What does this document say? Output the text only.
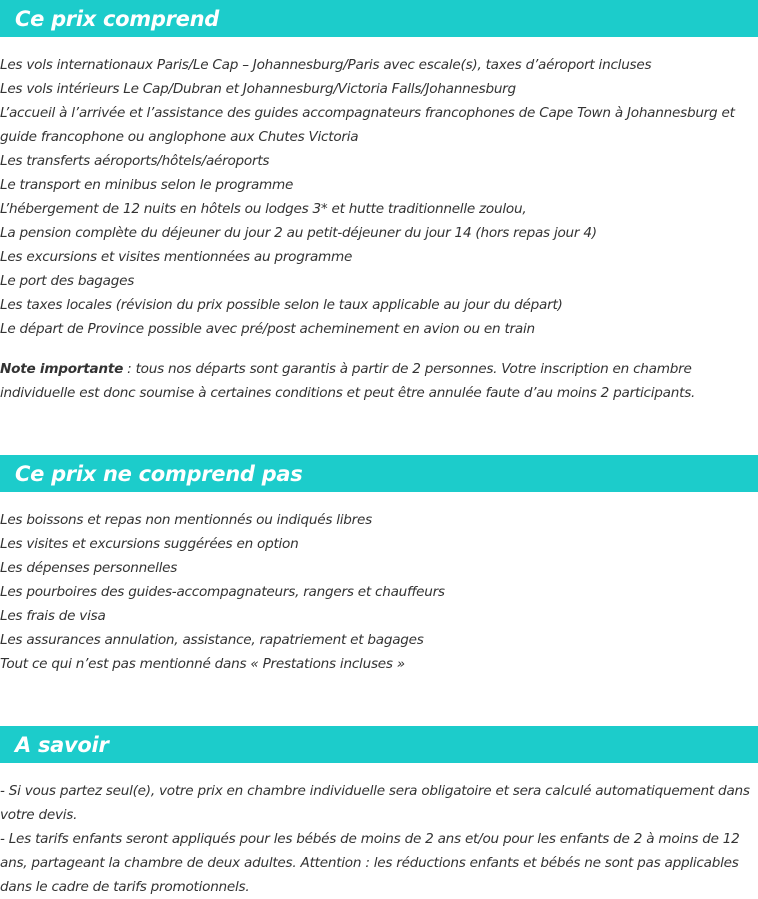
Ce prix comprend
Les vols internationaux Paris/Le Cap – Johannesburg/Paris avec escale(s), taxes d’aéroport incluses
Les vols intérieurs Le Cap/Dubran et Johannesburg/Victoria Falls/Johannesburg
L’accueil à l’arrivée et l’assistance des guides accompagnateurs francophones de Cape Town à Johannesburg et guide francophone ou anglophone aux Chutes Victoria
Les transferts aéroports/hôtels/aéroports
Le transport en minibus selon le programme
L’hébergement de 12 nuits en hôtels ou lodges 3* et hutte traditionnelle zoulou,
La pension complète du déjeuner du jour 2 au petit-déjeuner du jour 14 (hors repas jour 4)
Les excursions et visites mentionnées au programme
Le port des bagages
Les taxes locales (révision du prix possible selon le taux applicable au jour du départ)
Le départ de Province possible avec pré/post acheminement en avion ou en train

Note importante : tous nos départs sont garantis à partir de 2 personnes. Votre inscription en chambre individuelle est donc soumise à certaines conditions et peut être annulée faute d’au moins 2 participants.

Ce prix ne comprend pas
Les boissons et repas non mentionnés ou indiqués libres
Les visites et excursions suggérées en option
Les dépenses personnelles
Les pourboires des guides-accompagnateurs, rangers et chauffeurs
Les frais de visa
Les assurances annulation, assistance, rapatriement et bagages
Tout ce qui n’est pas mentionné dans « Prestations incluses »
A savoir

- Si vous partez seul(e), votre prix en chambre individuelle sera obligatoire et sera calculé automatiquement dans votre devis.

- Les tarifs enfants seront appliqués pour les bébés de moins de 2 ans et/ou pour les enfants de 2 à moins de 12 ans, partageant la chambre de deux adultes. Attention : les réductions enfants et bébés ne sont pas applicables dans le cadre de tarifs promotionnels.
